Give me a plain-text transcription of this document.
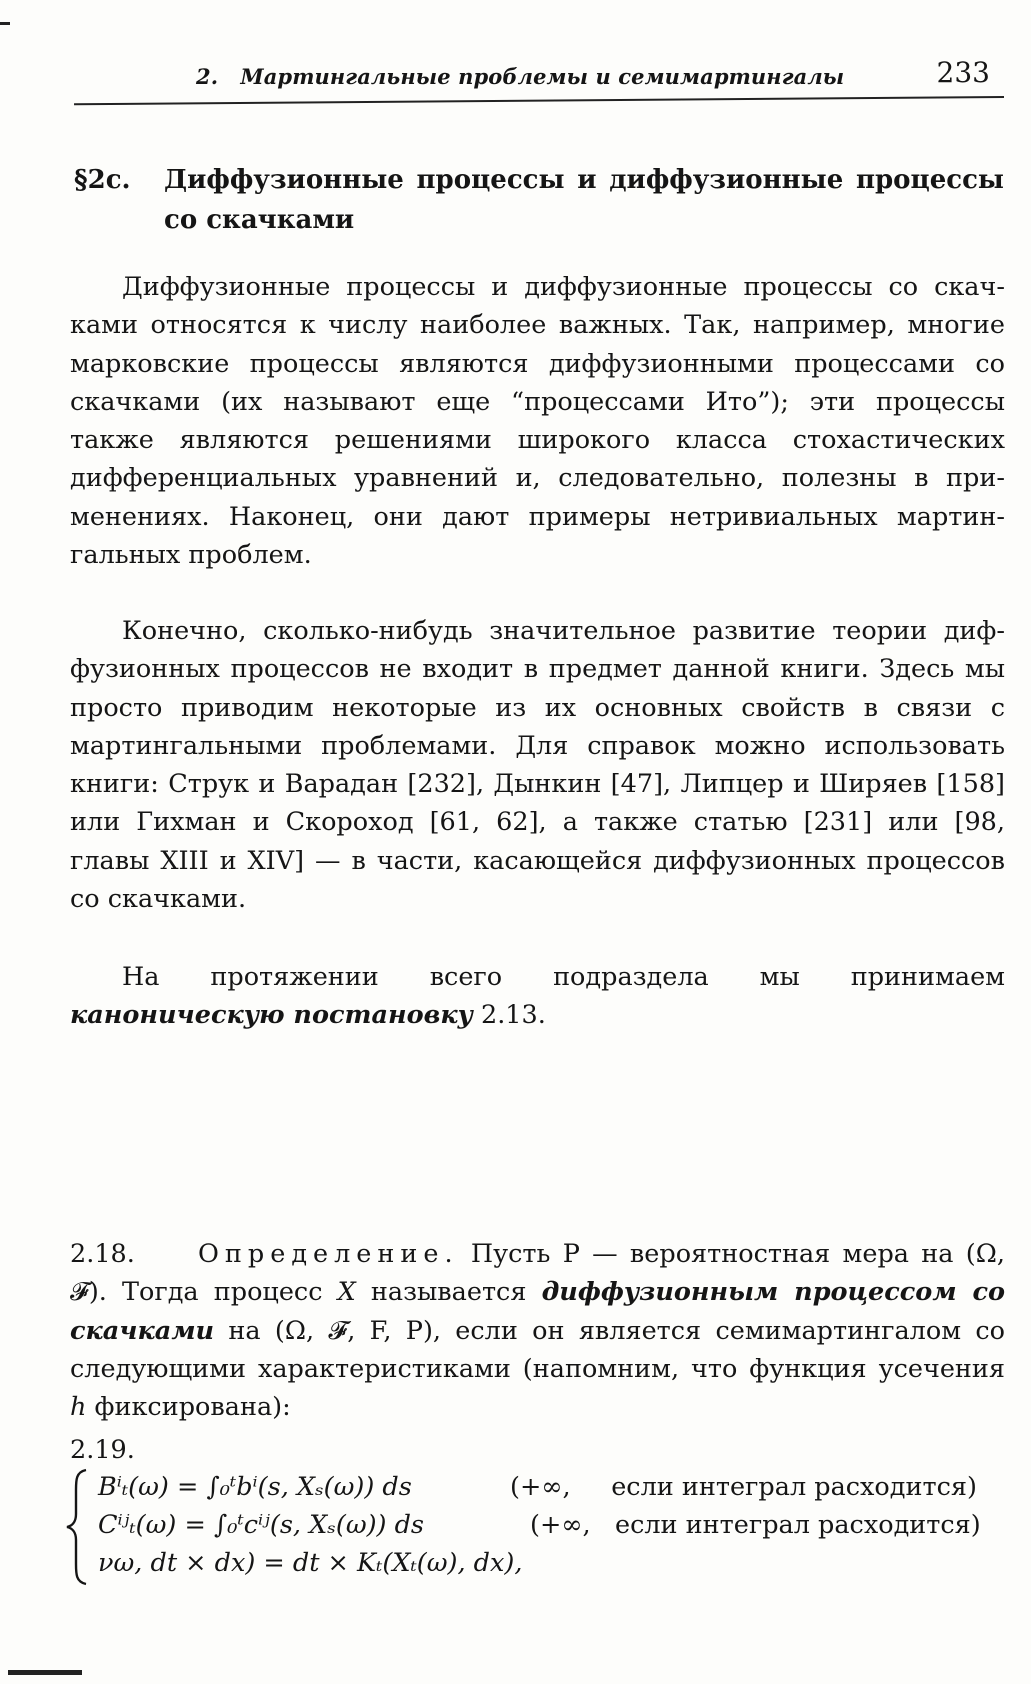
2.   Мартингальные проблемы и семимартингалы	233
§2с. Диффузионные процессы и диффузионные процессы со скачками

Диффузионные процессы и диффузионные процессы со скачками относятся к числу наиболее важных. Так, например, многие марковские процессы являются диффузионными процессами со скачками (их называют еще “процессами Ито”); эти процессы также являются решениями широкого класса стохастических дифференциальных уравнений и, следовательно, полезны в применениях. Наконец, они дают примеры нетривиальных мартингальных проблем.

Конечно, сколько-нибудь значительное развитие теории диффузионных процессов не входит в предмет данной книги. Здесь мы просто приводим некоторые из их основных свойств в связи с мартингальными проблемами. Для справок можно использовать книги: Струк и Варадан [232], Дынкин [47], Липцер и Ширяев [158] или Гихман и Скороход [61, 62], а также статью [231] или [98, главы XIII и XIV] — в части, касающейся диффузионных процессов со скачками.

На протяжении всего подраздела мы принимаем каноническую постановку 2.13.

2.18. Определение. Пусть P — вероятностная мера на (Ω, 𝓕). Тогда процесс X называется диффузионным процессом со скачками на (Ω, 𝓕, F, P), если он является семимартингалом со следующими характеристиками (напомним, что функция усечения h фиксирована):

2.19.
Bⁱₜ(ω) = ∫₀ᵗbⁱ(s, Xₛ(ω)) ds	(+∞,     если интеграл расходится)
Cⁱʲₜ(ω) = ∫₀ᵗcⁱʲ(s, Xₛ(ω)) ds	(+∞,   если интеграл расходится)
νω, dt × dx) = dt × Kₜ(Xₜ(ω), dx),
